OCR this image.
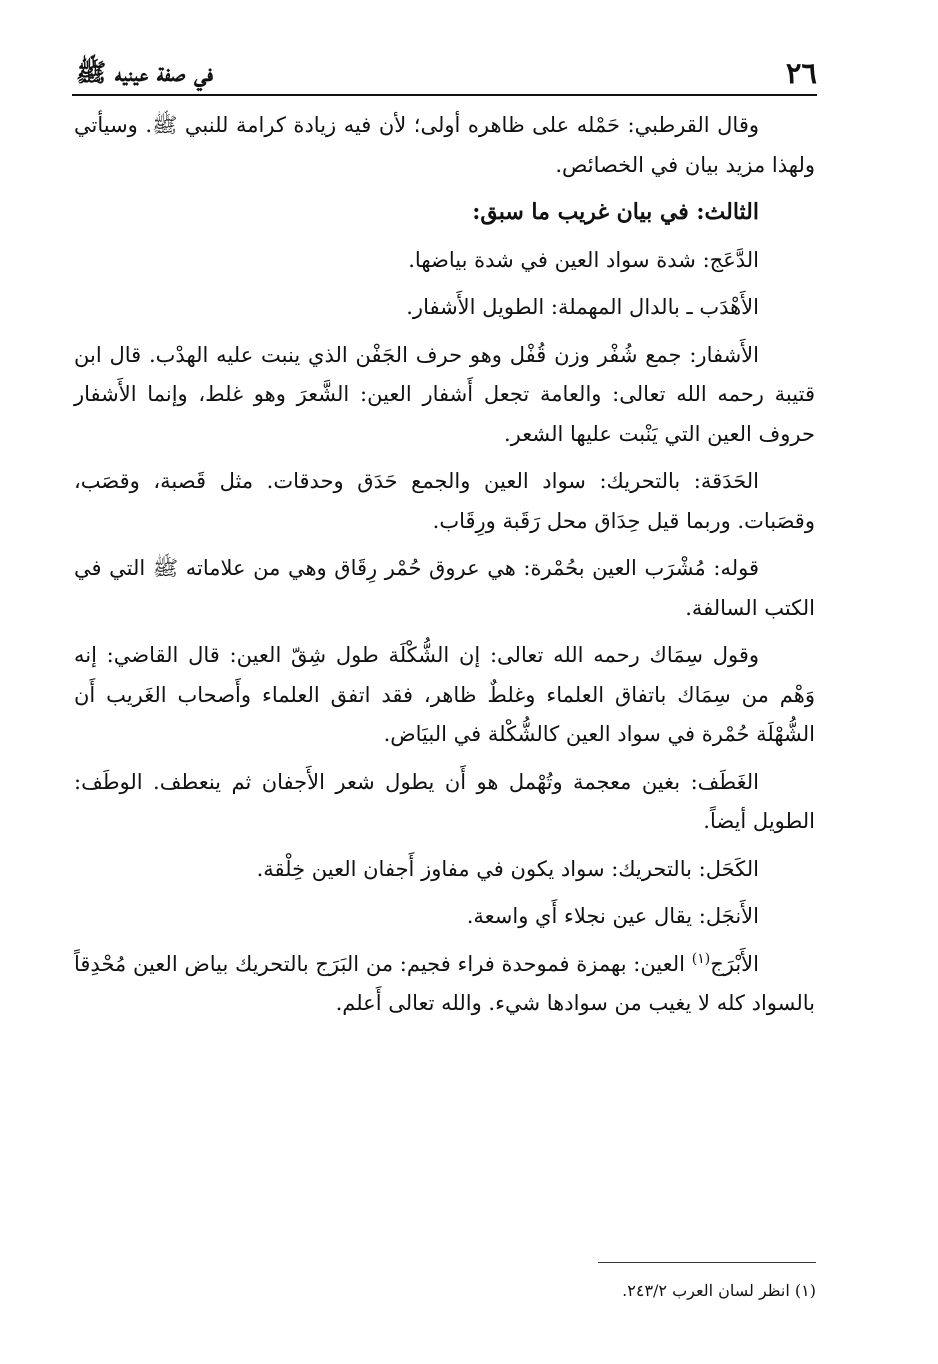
٢٦
في صفة عينيه ﷺ

وقال القرطبي: حَمْله على ظاهره أولى؛ لأن فيه زيادة كرامة للنبي ﷺ. وسيأتي ولهذا مزيد بيان في الخصائص.

الثالث: في بيان غريب ما سبق:

الدَّعَج: شدة سواد العين في شدة بياضها.

الأَهْدَب ـ بالدال المهملة: الطويل الأَشفار.

الأَشفار: جمع شُفْر وزن قُفْل وهو حرف الجَفْن الذي ينبت عليه الهدْب. قال ابن قتيبة رحمه الله تعالى: والعامة تجعل أَشفار العين: الشَّعرَ وهو غلط، وإنما الأَشفار حروف العين التي يَنْبت عليها الشعر.

الحَدَقة: بالتحريك: سواد العين والجمع حَدَق وحدقات. مثل قَصبة، وقصَب، وقصَبات. وربما قيل حِدَاق محل رَقَبة ورِقَاب.

قوله: مُشْرَب العين بحُمْرة: هي عروق حُمْر رِقَاق وهي من علاماته ﷺ التي في الكتب السالفة.

وقول سِمَاك رحمه الله تعالى: إن الشُّكْلَة طول شِقّ العين: قال القاضي: إنه وَهْم من سِمَاك باتفاق العلماء وغلطٌ ظاهر، فقد اتفق العلماء وأَصحاب الغَريب أَن الشُّهْلَة حُمْرة في سواد العين كالشُّكْلة في البيَاض.

الغَطَف: بغين معجمة وتُهْمل هو أَن يطول شعر الأَجفان ثم ينعطف. الوطَف: الطويل أيضاً.

الكَحَل: بالتحريك: سواد يكون في مفاوز أَجفان العين خِلْقة.

الأَنجَل: يقال عين نجلاء أَي واسعة.

الأَبْرَج$^{(١)}$ العين: بهمزة فموحدة فراء فجيم: من البَرَج بالتحريك بياض العين مُحْدِقاً بالسواد كله لا يغيب من سوادها شيء. والله تعالى أَعلم.

(١) انظر لسان العرب ٢٤٣/٢.
